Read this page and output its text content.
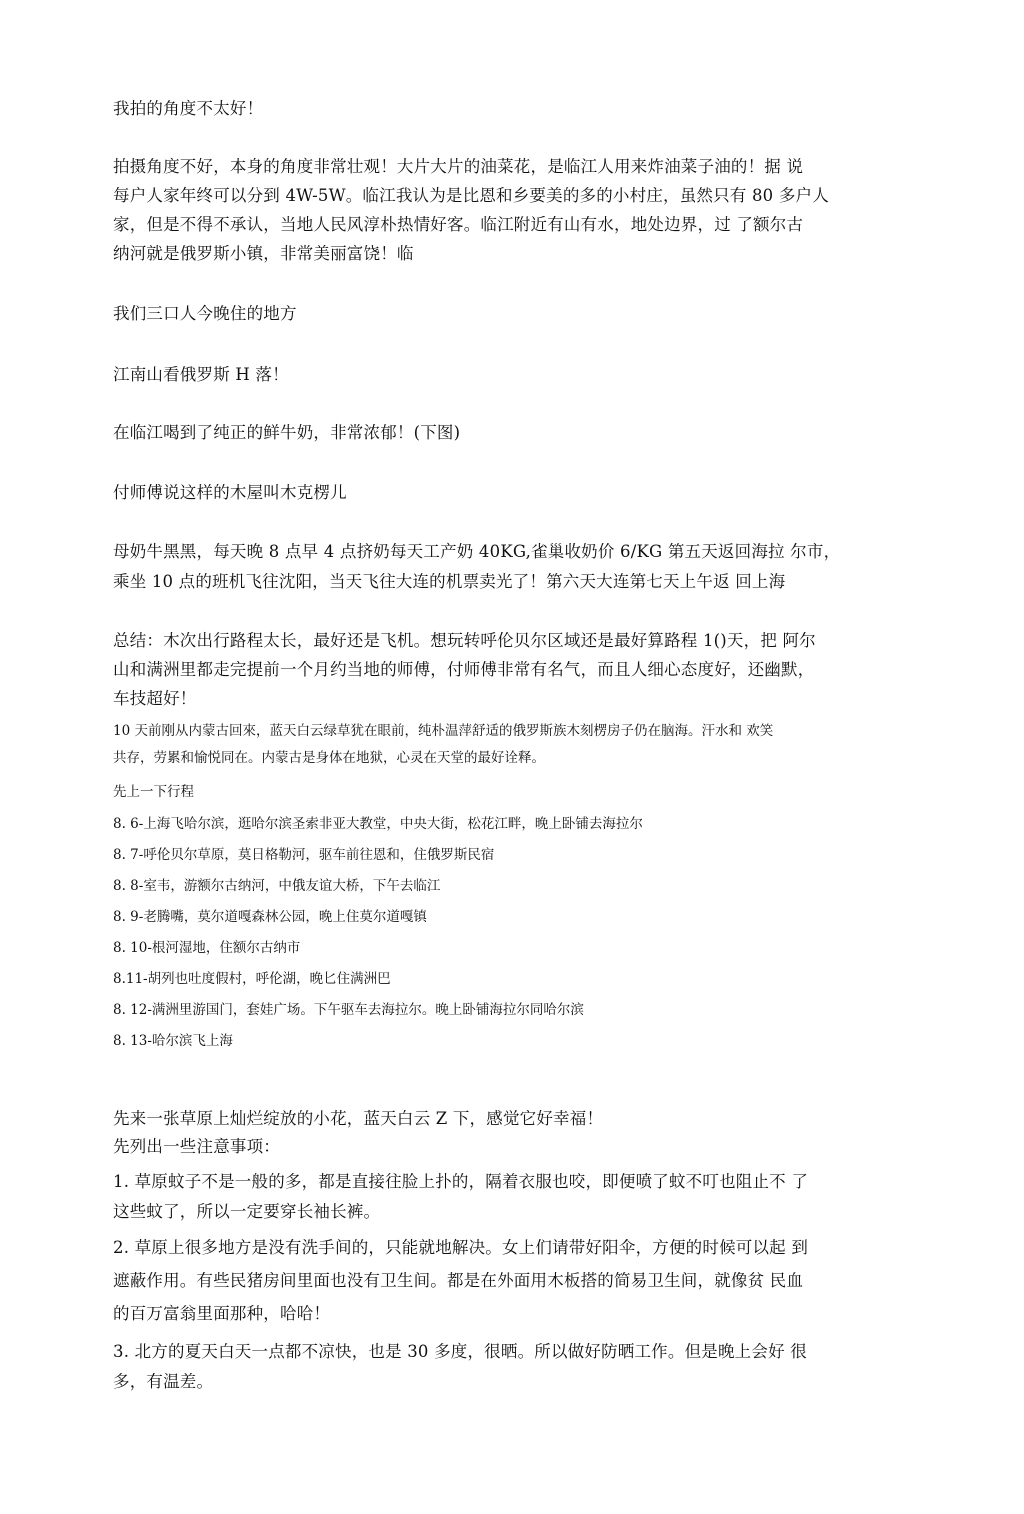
我拍的角度不太好！

拍摄角度不好，本身的角度非常壮观！大片大片的油菜花，是临江人用来炸油菜子油的！据 说
每户人家年终可以分到 4W-5W。临江我认为是比恩和乡要美的多的小村庄，虽然只有 80 多户人
家，但是不得不承认，当地人民风淳朴热情好客。临江附近有山有水，地处边界，过 了额尔古
纳河就是俄罗斯小镇，非常美丽富饶！临

我们三口人今晚住的地方

江南山看俄罗斯 H 落！

在临江喝到了纯正的鲜牛奶，非常浓郁！(下图)

付师傅说这样的木屋叫木克楞儿

母奶牛黑黑，每天晚 8 点早 4 点挤奶每天工产奶 40KG,雀巢收奶价 6/KG 第五天返回海拉 尔市，
乘坐 10 点的班机飞往沈阳，当天飞往大连的机票卖光了！第六天大连第七天上午返 回上海

总结：木次出行路程太长，最好还是飞机。想玩转呼伦贝尔区域还是最好算路程 1()天，把 阿尔
山和满洲里都走完提前一个月约当地的师傅，付师傅非常有名气，而且人细心态度好，还幽默，
车技超好！

10 天前刚从内蒙古回來，蓝天白云绿草犹在眼前，纯朴温萍舒适的俄罗斯族木刻楞房子仍在脑海。汗水和 欢笑
共存，劳累和愉悦同在。内蒙古是身体在地狱，心灵在天堂的最好诠释。

先上一下行程

8. 6-上海飞哈尔滨，逛哈尔滨圣索非亚大教堂，中央大街，松花江畔，晚上卧铺去海拉尔
8. 7-呼伦贝尔草原，莫日格勒河，驱车前往恩和，住俄罗斯民宿
8. 8-室韦，游额尔古纳河，中俄友谊大桥，下午去临江
8. 9-老腾嘴，莫尔道嘎森林公园，晚上住莫尔道嘎镇
8. 10-根河湿地，住额尔古纳市
8.11-胡列也吐度假村，呼伦湖，晚匕住满洲巴
8. 12-满洲里游国门，套娃广场。下午驱车去海拉尔。晚上卧铺海拉尔同哈尔滨
8. 13-哈尔滨飞上海

先来一张草原上灿烂绽放的小花，蓝天白云 Z 下，感觉它好幸福！
先列出一些注意事项：

1. 草原蚊子不是一般的多，都是直接往脸上扑的，隔着衣服也咬，即便喷了蚊不叮也阻止不 了
这些蚊了，所以一定要穿长袖长裤。

2. 草原上很多地方是没有洗手间的，只能就地解决。女上们请带好阳伞，方便的时候可以起 到
遮蔽作用。有些民猪房间里面也没有卫生间。都是在外面用木板搭的简易卫生间，就像贫 民血
的百万富翁里面那种，哈哈！

3. 北方的夏天白天一点都不凉快，也是 30 多度，很晒。所以做好防晒工作。但是晚上会好 很
多，有温差。
